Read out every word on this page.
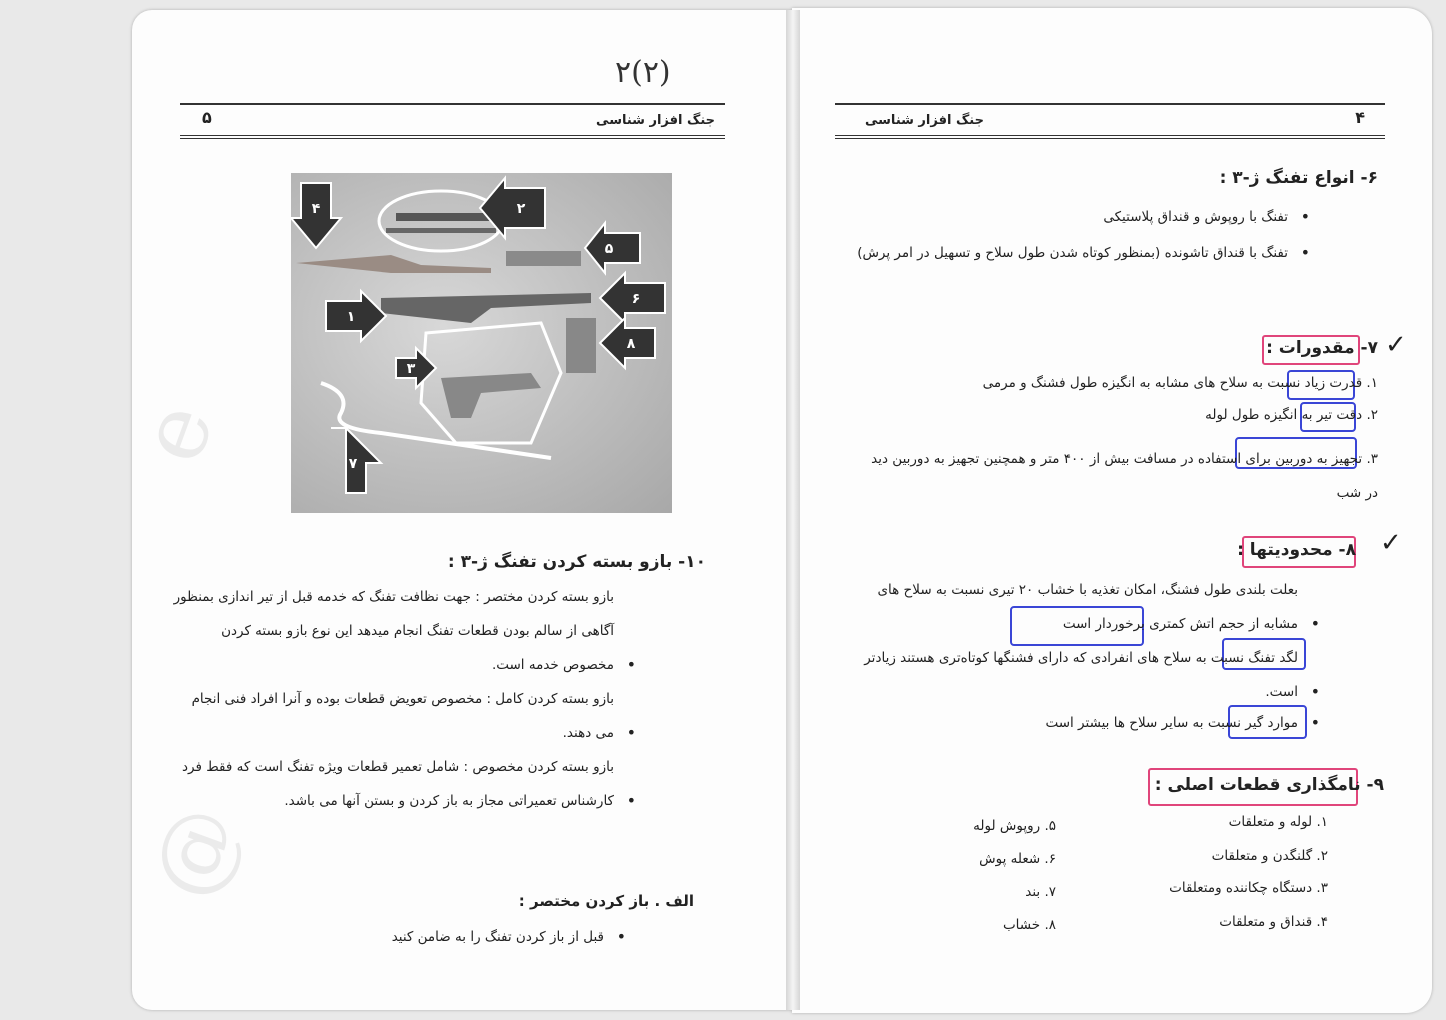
e
@
۲(۲)
جنگ افزار شناسی
۵
۴	۲
۵
۶
۱
۸
۳
۷
۱۰- بازو بسته کردن تفنگ ژ-۳ :
بازو بسته کردن مختصر : جهت نظافت تفنگ که خدمه قبل از تیر اندازی بمنظور آگاهی از سالم بودن قطعات تفنگ انجام میدهد این نوع بازو بسته کردن مخصوص خدمه است. •
بازو بسته کردن کامل : مخصوص تعویض قطعات بوده و آنرا افراد فنی انجام می دهند. •
بازو بسته کردن مخصوص : شامل تعمیر قطعات ویژه تفنگ است که فقط فرد کارشناس تعمیراتی مجاز به باز کردن و بستن آنها می باشد. •
الف . باز کردن مختصر :
قبل از باز کردن تفنگ را به ضامن کنید •
جنگ افزار شناسی	۴
۶- انواع تفنگ ژ-۳ :
تفنگ با روپوش و قنداق پلاستیکی •
تفنگ با قنداق تاشونده (بمنظور کوتاه شدن طول سلاح و تسهیل در امر پرش) •
✓
۷- مقدورات :
۱. قدرت زیاد نسبت به سلاح های مشابه به انگیزه طول فشنگ و مرمی
۲. دقت تیر به انگیزه طول لوله
۳. تجهیز به دوربین برای استفاده در مسافت بیش از ۴۰۰ متر و همچنین تجهیز به دوربین دید در شب
✓
۸- محدودیتها :
بعلت بلندی طول فشنگ، امکان تغذیه با خشاب ۲۰ تیری نسبت به سلاح های مشابه از حجم اتش کمتری برخوردار است •
لگد تفنگ نسبت به سلاح های انفرادی که دارای فشنگها کوتاه‌تری هستند زیادتر است. •
موارد گیر نسبت به سایر سلاح ها بیشتر است •
۹- نامگذاری قطعات اصلی :
۱. لوله و متعلقات
۲. گلنگدن و متعلقات
۳. دستگاه چکاننده ومتعلقات
۴. قنداق و متعلقات
۵. روپوش لوله
۶. شعله پوش
۷. بند
۸. خشاب
